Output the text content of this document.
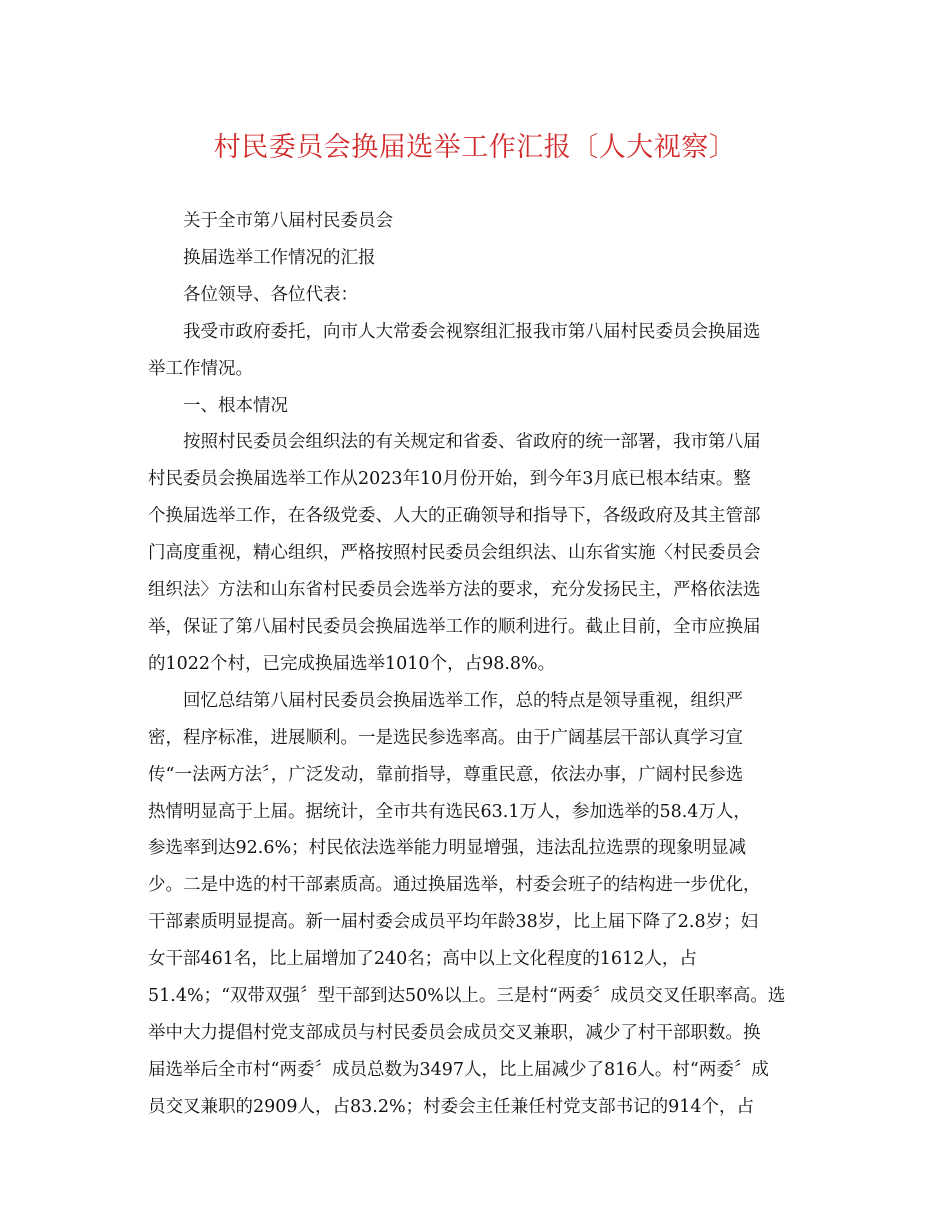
村民委员会换届选举工作汇报〔人大视察〕
关于全市第八届村民委员会
换届选举工作情况的汇报
各位领导、各位代表：
我受市政府委托，向市人大常委会视察组汇报我市第八届村民委员会换届选
举工作情况。
一、根本情况
按照村民委员会组织法的有关规定和省委、省政府的统一部署，我市第八届
村民委员会换届选举工作从2023年10月份开始，到今年3月底已根本结束。整
个换届选举工作，在各级党委、人大的正确领导和指导下，各级政府及其主管部
门高度重视，精心组织，严格按照村民委员会组织法、山东省实施〈村民委员会
组织法〉方法和山东省村民委员会选举方法的要求，充分发扬民主，严格依法选
举，保证了第八届村民委员会换届选举工作的顺利进行。截止目前，全市应换届
的1022个村，已完成换届选举1010个，占98.8%。
回忆总结第八届村民委员会换届选举工作，总的特点是领导重视，组织严
密，程序标准，进展顺利。一是选民参选率高。由于广阔基层干部认真学习宣
传“一法两方法〞，广泛发动，靠前指导，尊重民意，依法办事，广阔村民参选
热情明显高于上届。据统计，全市共有选民63.1万人，参加选举的58.4万人，
参选率到达92.6%；村民依法选举能力明显增强，违法乱拉选票的现象明显减
少。二是中选的村干部素质高。通过换届选举，村委会班子的结构进一步优化，
干部素质明显提高。新一届村委会成员平均年龄38岁，比上届下降了2.8岁；妇
女干部461名，比上届增加了240名；高中以上文化程度的1612人，占
51.4%；“双带双强〞型干部到达50%以上。三是村“两委〞成员交叉任职率高。选
举中大力提倡村党支部成员与村民委员会成员交叉兼职，减少了村干部职数。换
届选举后全市村“两委〞成员总数为3497人，比上届减少了816人。村“两委〞成
员交叉兼职的2909人，占83.2%；村委会主任兼任村党支部书记的914个，占
